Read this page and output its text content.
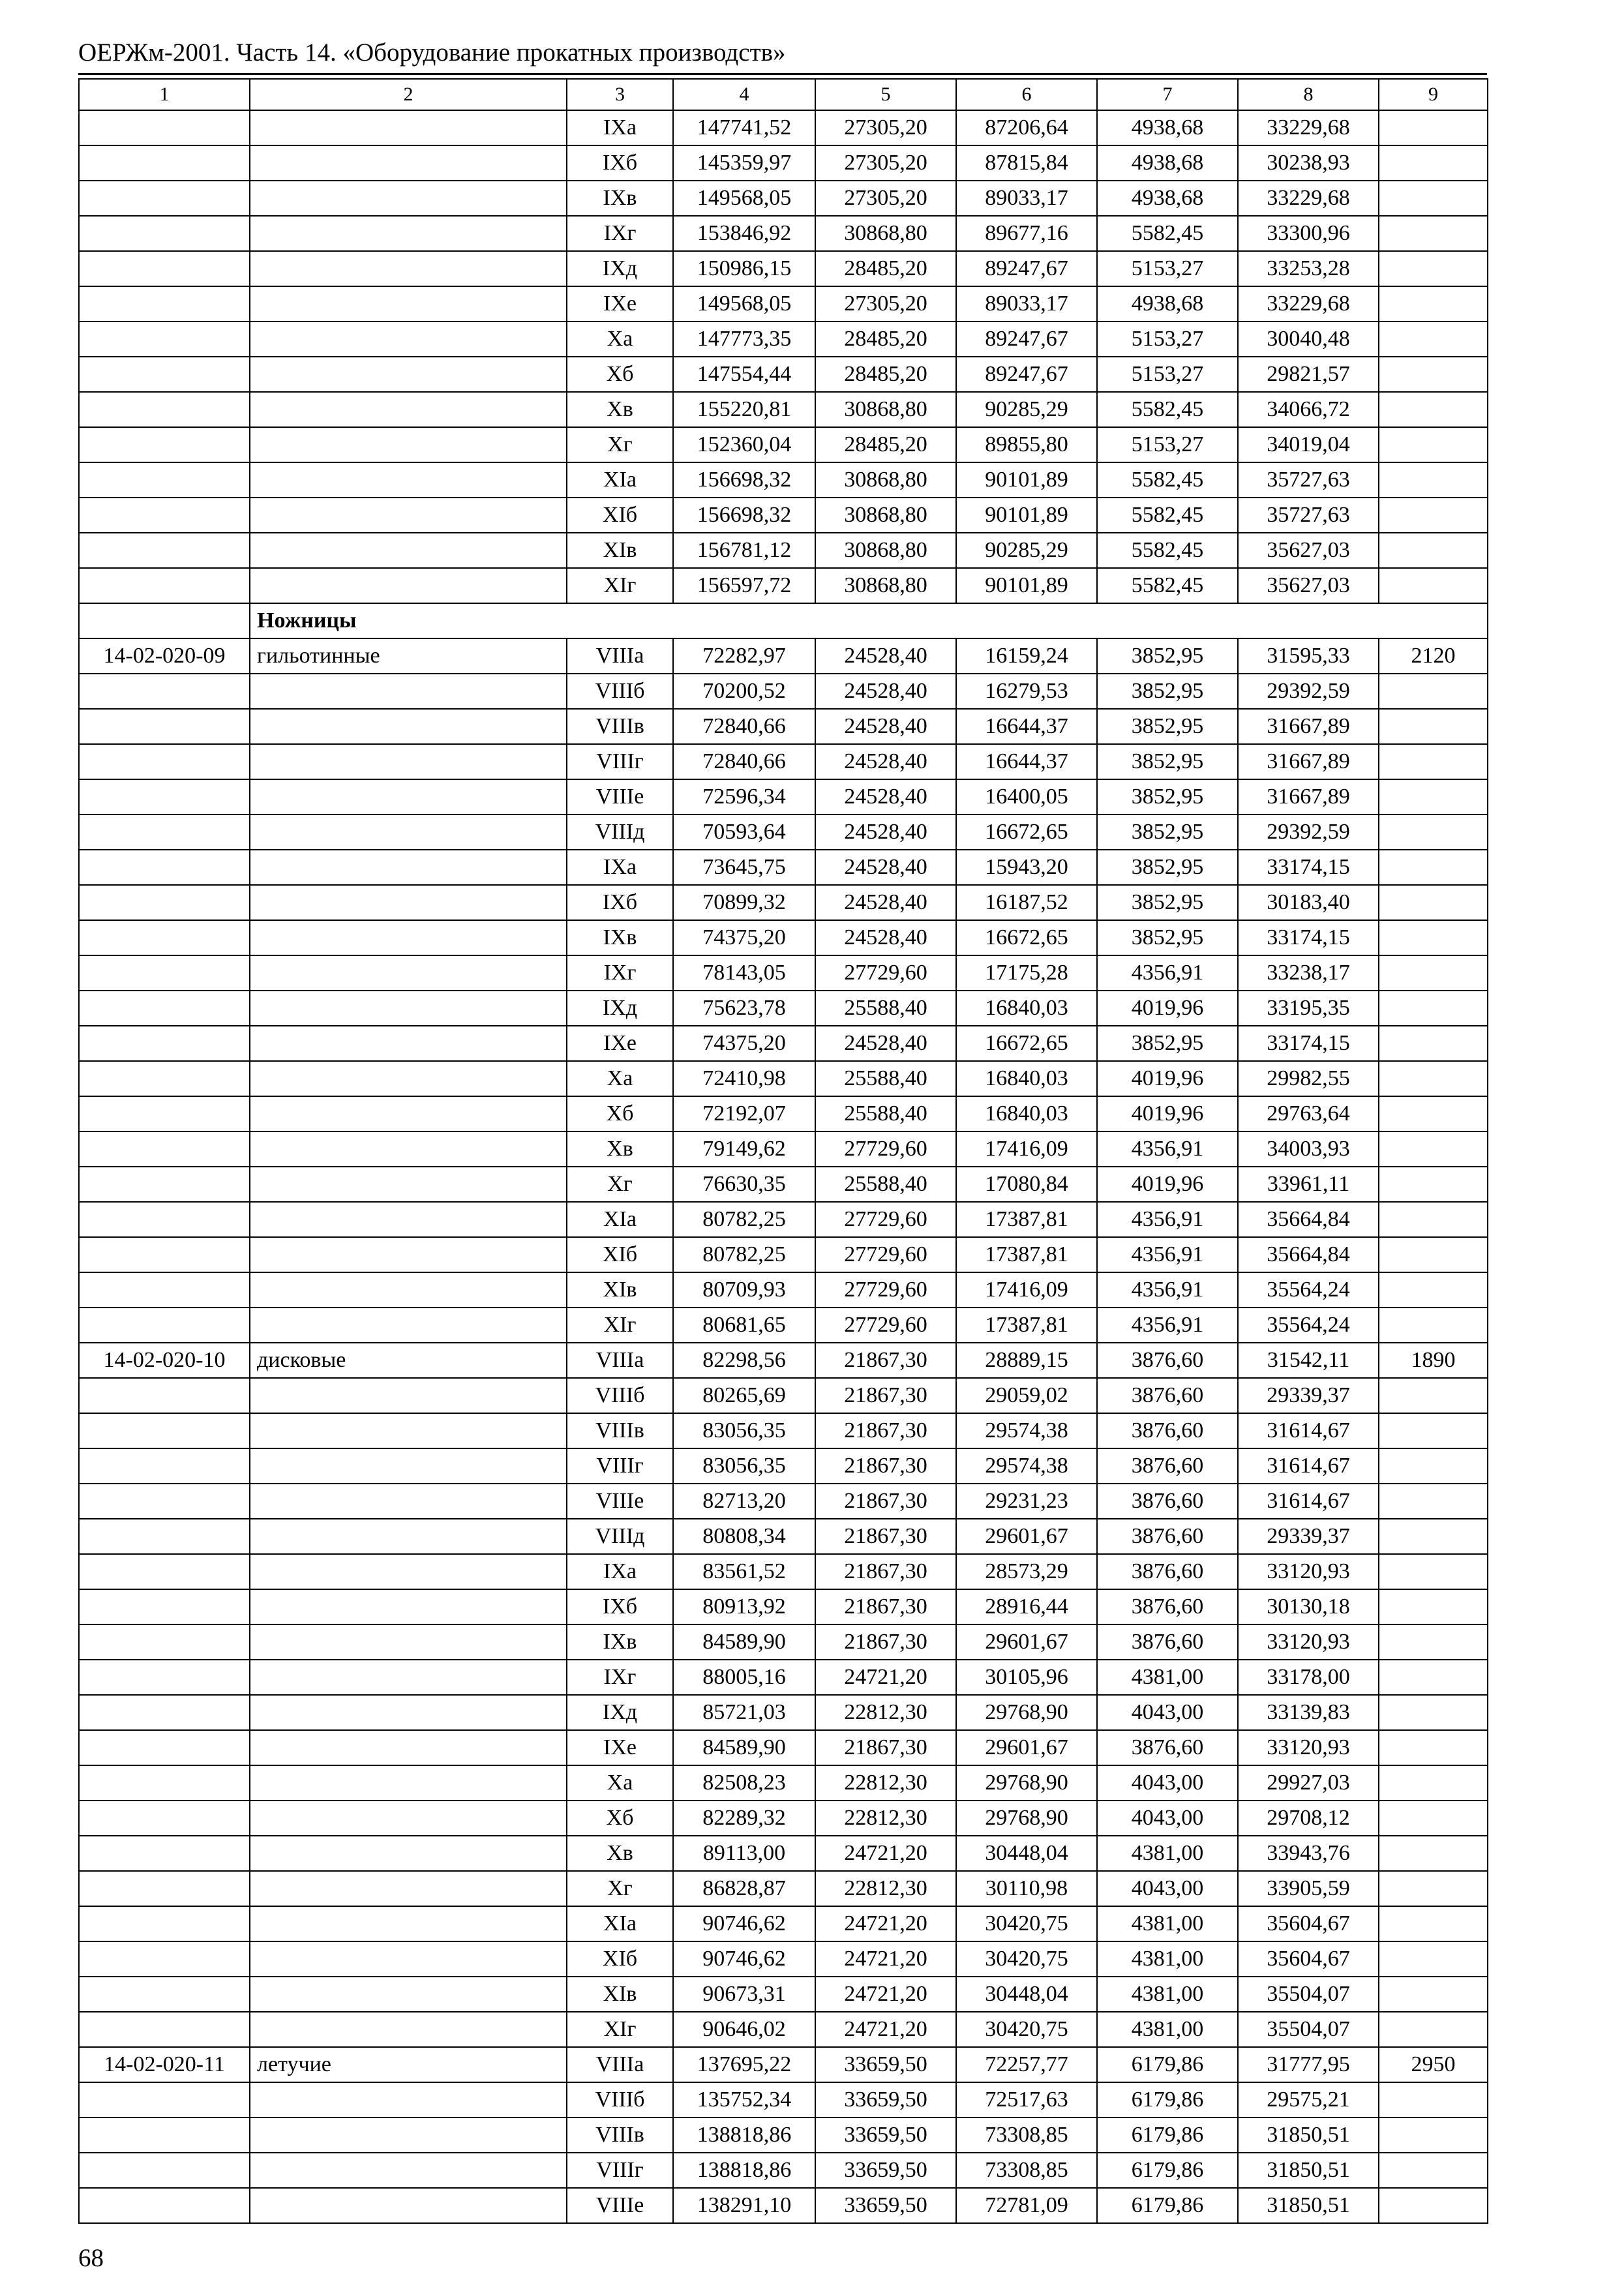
ОЕРЖм-2001. Часть 14. «Оборудование прокатных производств»
1	2	3	4	5	6	7	8	9
		IXа	147741,52	27305,20	87206,64	4938,68	33229,68	
		IXб	145359,97	27305,20	87815,84	4938,68	30238,93	
		IXв	149568,05	27305,20	89033,17	4938,68	33229,68	
		IXг	153846,92	30868,80	89677,16	5582,45	33300,96	
		IXд	150986,15	28485,20	89247,67	5153,27	33253,28	
		IXе	149568,05	27305,20	89033,17	4938,68	33229,68	
		Xа	147773,35	28485,20	89247,67	5153,27	30040,48	
		Xб	147554,44	28485,20	89247,67	5153,27	29821,57	
		Xв	155220,81	30868,80	90285,29	5582,45	34066,72	
		Xг	152360,04	28485,20	89855,80	5153,27	34019,04	
		XIа	156698,32	30868,80	90101,89	5582,45	35727,63	
		XIб	156698,32	30868,80	90101,89	5582,45	35727,63	
		XIв	156781,12	30868,80	90285,29	5582,45	35627,03	
		XIг	156597,72	30868,80	90101,89	5582,45	35627,03	
	Ножницы							
14-02-020-09	гильотинные	VIIIа	72282,97	24528,40	16159,24	3852,95	31595,33	2120
		VIIIб	70200,52	24528,40	16279,53	3852,95	29392,59	
		VIIIв	72840,66	24528,40	16644,37	3852,95	31667,89	
		VIIIг	72840,66	24528,40	16644,37	3852,95	31667,89	
		VIIIе	72596,34	24528,40	16400,05	3852,95	31667,89	
		VIIIд	70593,64	24528,40	16672,65	3852,95	29392,59	
		IXа	73645,75	24528,40	15943,20	3852,95	33174,15	
		IXб	70899,32	24528,40	16187,52	3852,95	30183,40	
		IXв	74375,20	24528,40	16672,65	3852,95	33174,15	
		IXг	78143,05	27729,60	17175,28	4356,91	33238,17	
		IXд	75623,78	25588,40	16840,03	4019,96	33195,35	
		IXе	74375,20	24528,40	16672,65	3852,95	33174,15	
		Xа	72410,98	25588,40	16840,03	4019,96	29982,55	
		Xб	72192,07	25588,40	16840,03	4019,96	29763,64	
		Xв	79149,62	27729,60	17416,09	4356,91	34003,93	
		Xг	76630,35	25588,40	17080,84	4019,96	33961,11	
		XIа	80782,25	27729,60	17387,81	4356,91	35664,84	
		XIб	80782,25	27729,60	17387,81	4356,91	35664,84	
		XIв	80709,93	27729,60	17416,09	4356,91	35564,24	
		XIг	80681,65	27729,60	17387,81	4356,91	35564,24	
14-02-020-10	дисковые	VIIIа	82298,56	21867,30	28889,15	3876,60	31542,11	1890
		VIIIб	80265,69	21867,30	29059,02	3876,60	29339,37	
		VIIIв	83056,35	21867,30	29574,38	3876,60	31614,67	
		VIIIг	83056,35	21867,30	29574,38	3876,60	31614,67	
		VIIIе	82713,20	21867,30	29231,23	3876,60	31614,67	
		VIIIд	80808,34	21867,30	29601,67	3876,60	29339,37	
		IXа	83561,52	21867,30	28573,29	3876,60	33120,93	
		IXб	80913,92	21867,30	28916,44	3876,60	30130,18	
		IXв	84589,90	21867,30	29601,67	3876,60	33120,93	
		IXг	88005,16	24721,20	30105,96	4381,00	33178,00	
		IXд	85721,03	22812,30	29768,90	4043,00	33139,83	
		IXе	84589,90	21867,30	29601,67	3876,60	33120,93	
		Xа	82508,23	22812,30	29768,90	4043,00	29927,03	
		Xб	82289,32	22812,30	29768,90	4043,00	29708,12	
		Xв	89113,00	24721,20	30448,04	4381,00	33943,76	
		Xг	86828,87	22812,30	30110,98	4043,00	33905,59	
		XIа	90746,62	24721,20	30420,75	4381,00	35604,67	
		XIб	90746,62	24721,20	30420,75	4381,00	35604,67	
		XIв	90673,31	24721,20	30448,04	4381,00	35504,07	
		XIг	90646,02	24721,20	30420,75	4381,00	35504,07	
14-02-020-11	летучие	VIIIа	137695,22	33659,50	72257,77	6179,86	31777,95	2950
		VIIIб	135752,34	33659,50	72517,63	6179,86	29575,21	
		VIIIв	138818,86	33659,50	73308,85	6179,86	31850,51	
		VIIIг	138818,86	33659,50	73308,85	6179,86	31850,51	
		VIIIе	138291,10	33659,50	72781,09	6179,86	31850,51	
68
